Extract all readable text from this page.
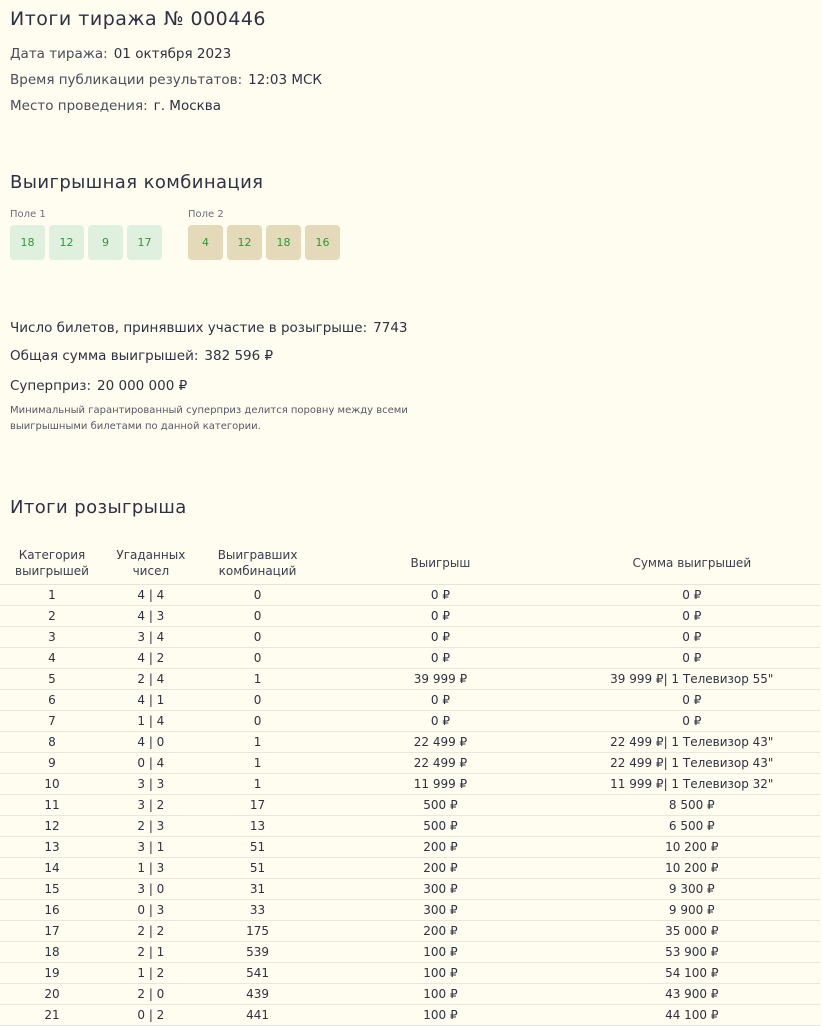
Итоги тиража № 000446
Дата тиража: 01 октября 2023
Время публикации результатов: 12:03 МСК
Место проведения: г. Москва
Выигрышная комбинация
Поле 1
18	12	9	17
Поле 2
4	12	18	16
Число билетов, принявших участие в розыгрыше: 7743
Общая сумма выигрышей: 382 596 ₽
Суперприз: 20 000 000 ₽
Минимальный гарантированный суперприз делится поровну между всеми выигрышными билетами по данной категории.
Итоги розыгрыша
Категория выигрышей	Угаданных чисел	Выигравших комбинаций	Выигрыш	Сумма выигрышей
1	4 | 4	0	0 ₽	0 ₽
2	4 | 3	0	0 ₽	0 ₽
3	3 | 4	0	0 ₽	0 ₽
4	4 | 2	0	0 ₽	0 ₽
5	2 | 4	1	39 999 ₽	39 999 ₽| 1 Телевизор 55"
6	4 | 1	0	0 ₽	0 ₽
7	1 | 4	0	0 ₽	0 ₽
8	4 | 0	1	22 499 ₽	22 499 ₽| 1 Телевизор 43"
9	0 | 4	1	22 499 ₽	22 499 ₽| 1 Телевизор 43"
10	3 | 3	1	11 999 ₽	11 999 ₽| 1 Телевизор 32"
11	3 | 2	17	500 ₽	8 500 ₽
12	2 | 3	13	500 ₽	6 500 ₽
13	3 | 1	51	200 ₽	10 200 ₽
14	1 | 3	51	200 ₽	10 200 ₽
15	3 | 0	31	300 ₽	9 300 ₽
16	0 | 3	33	300 ₽	9 900 ₽
17	2 | 2	175	200 ₽	35 000 ₽
18	2 | 1	539	100 ₽	53 900 ₽
19	1 | 2	541	100 ₽	54 100 ₽
20	2 | 0	439	100 ₽	43 900 ₽
21	0 | 2	441	100 ₽	44 100 ₽
